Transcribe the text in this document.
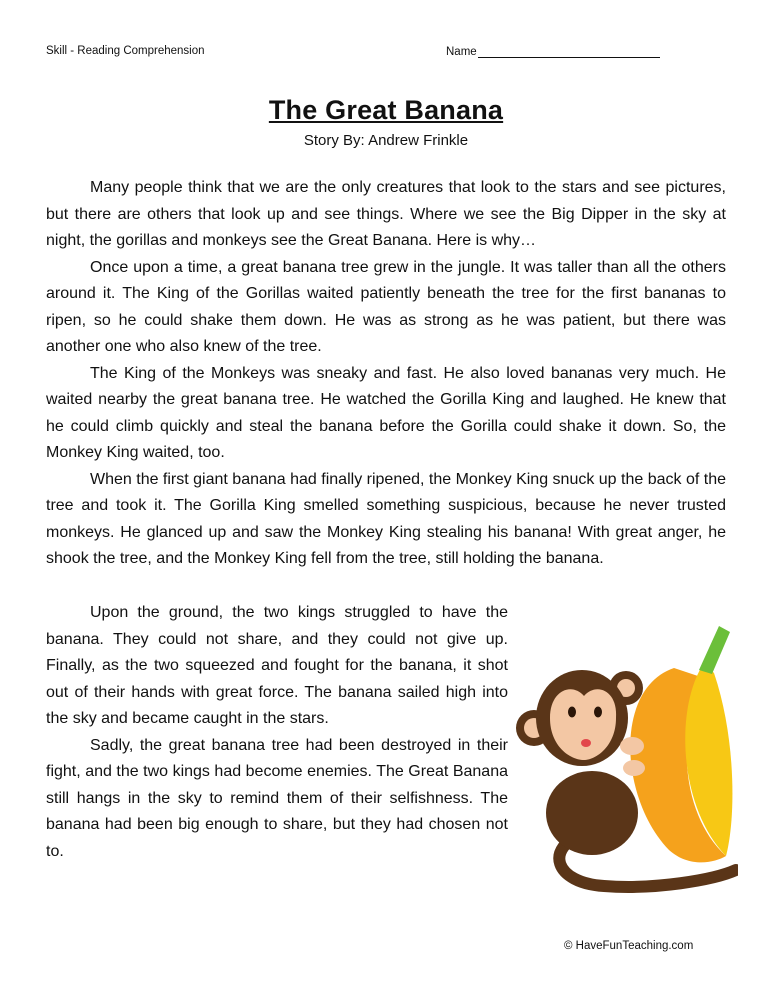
Skill - Reading Comprehension	Name
The Great Banana
Story By: Andrew Frinkle

Many people think that we are the only creatures that look to the stars and see pictures, but there are others that look up and see things. Where we see the Big Dipper in the sky at night, the gorillas and monkeys see the Great Banana. Here is why…

Once upon a time, a great banana tree grew in the jungle. It was taller than all the others around it. The King of the Gorillas waited patiently beneath the tree for the first bananas to ripen, so he could shake them down. He was as strong as he was patient, but there was another one who also knew of the tree.

The King of the Monkeys was sneaky and fast. He also loved bananas very much. He waited nearby the great banana tree. He watched the Gorilla King and laughed. He knew that he could climb quickly and steal the banana before the Gorilla could shake it down. So, the Monkey King waited, too.

When the first giant banana had finally ripened, the Monkey King snuck up the back of the tree and took it. The Gorilla King smelled something suspicious, because he never trusted monkeys. He glanced up and saw the Monkey King stealing his banana! With great anger, he shook the tree, and the Monkey King fell from the tree, still holding the banana.

Upon the ground, the two kings struggled to have the banana. They could not share, and they could not give up. Finally, as the two squeezed and fought for the banana, it shot out of their hands with great force. The banana sailed high into the sky and became caught in the stars.

Sadly, the great banana tree had been destroyed in their fight, and the two kings had become enemies. The Great Banana still hangs in the sky to remind them of their selfishness. The banana had been big enough to share, but they had chosen not to.

© HaveFunTeaching.com
